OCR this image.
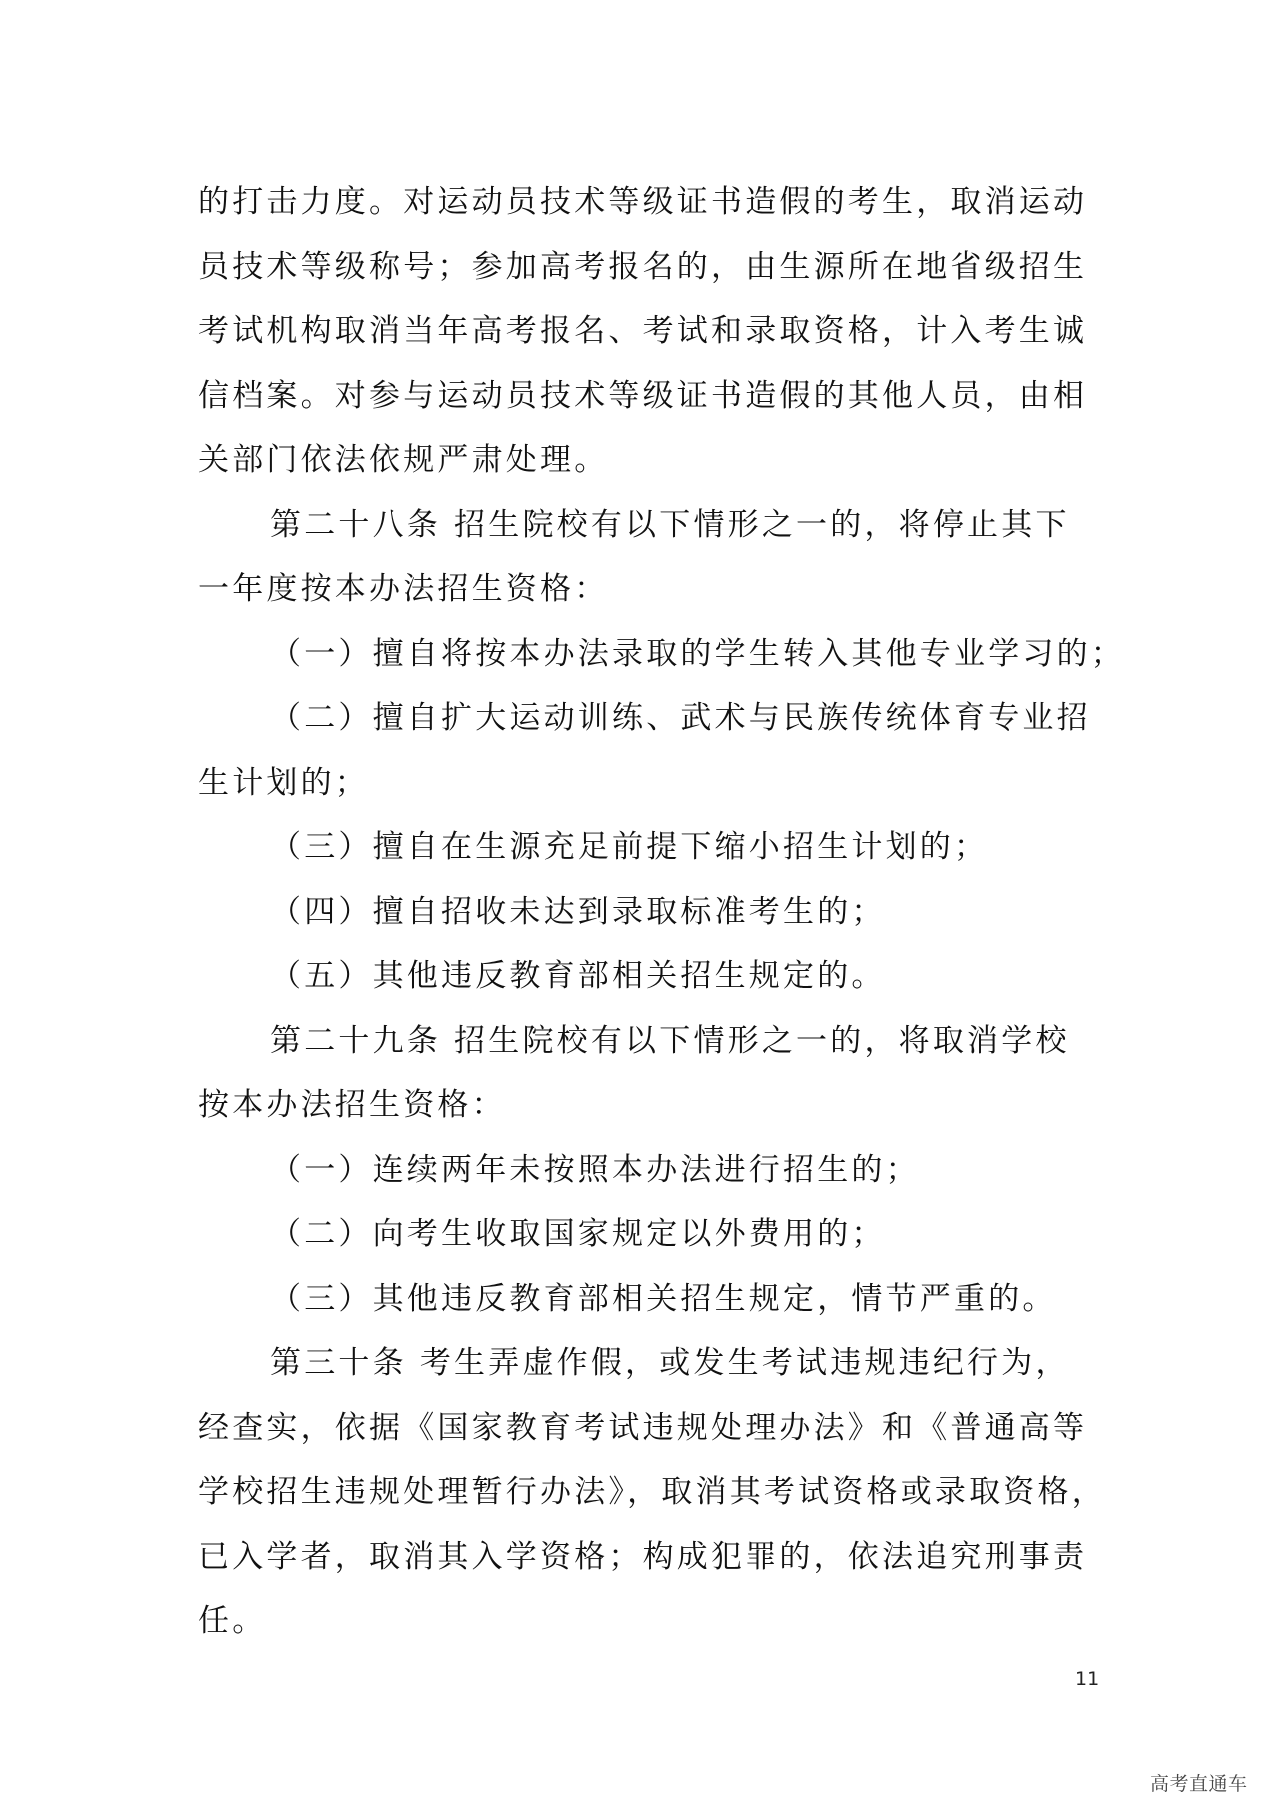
的打击力度。对运动员技术等级证书造假的考生，取消运动

员技术等级称号；参加高考报名的，由生源所在地省级招生

考试机构取消当年高考报名、考试和录取资格，计入考生诚

信档案。对参与运动员技术等级证书造假的其他人员，由相

关部门依法依规严肃处理。

第二十八条 招生院校有以下情形之一的，将停止其下

一年度按本办法招生资格：

（一）擅自将按本办法录取的学生转入其他专业学习的；

（二）擅自扩大运动训练、武术与民族传统体育专业招

生计划的；

（三）擅自在生源充足前提下缩小招生计划的；

（四）擅自招收未达到录取标准考生的；

（五）其他违反教育部相关招生规定的。

第二十九条 招生院校有以下情形之一的，将取消学校

按本办法招生资格：

（一）连续两年未按照本办法进行招生的；

（二）向考生收取国家规定以外费用的；

（三）其他违反教育部相关招生规定，情节严重的。

第三十条 考生弄虚作假，或发生考试违规违纪行为，

经查实，依据《国家教育考试违规处理办法》和《普通高等

学校招生违规处理暂行办法》，取消其考试资格或录取资格，

已入学者，取消其入学资格；构成犯罪的，依法追究刑事责

任。

11
高考直通车
